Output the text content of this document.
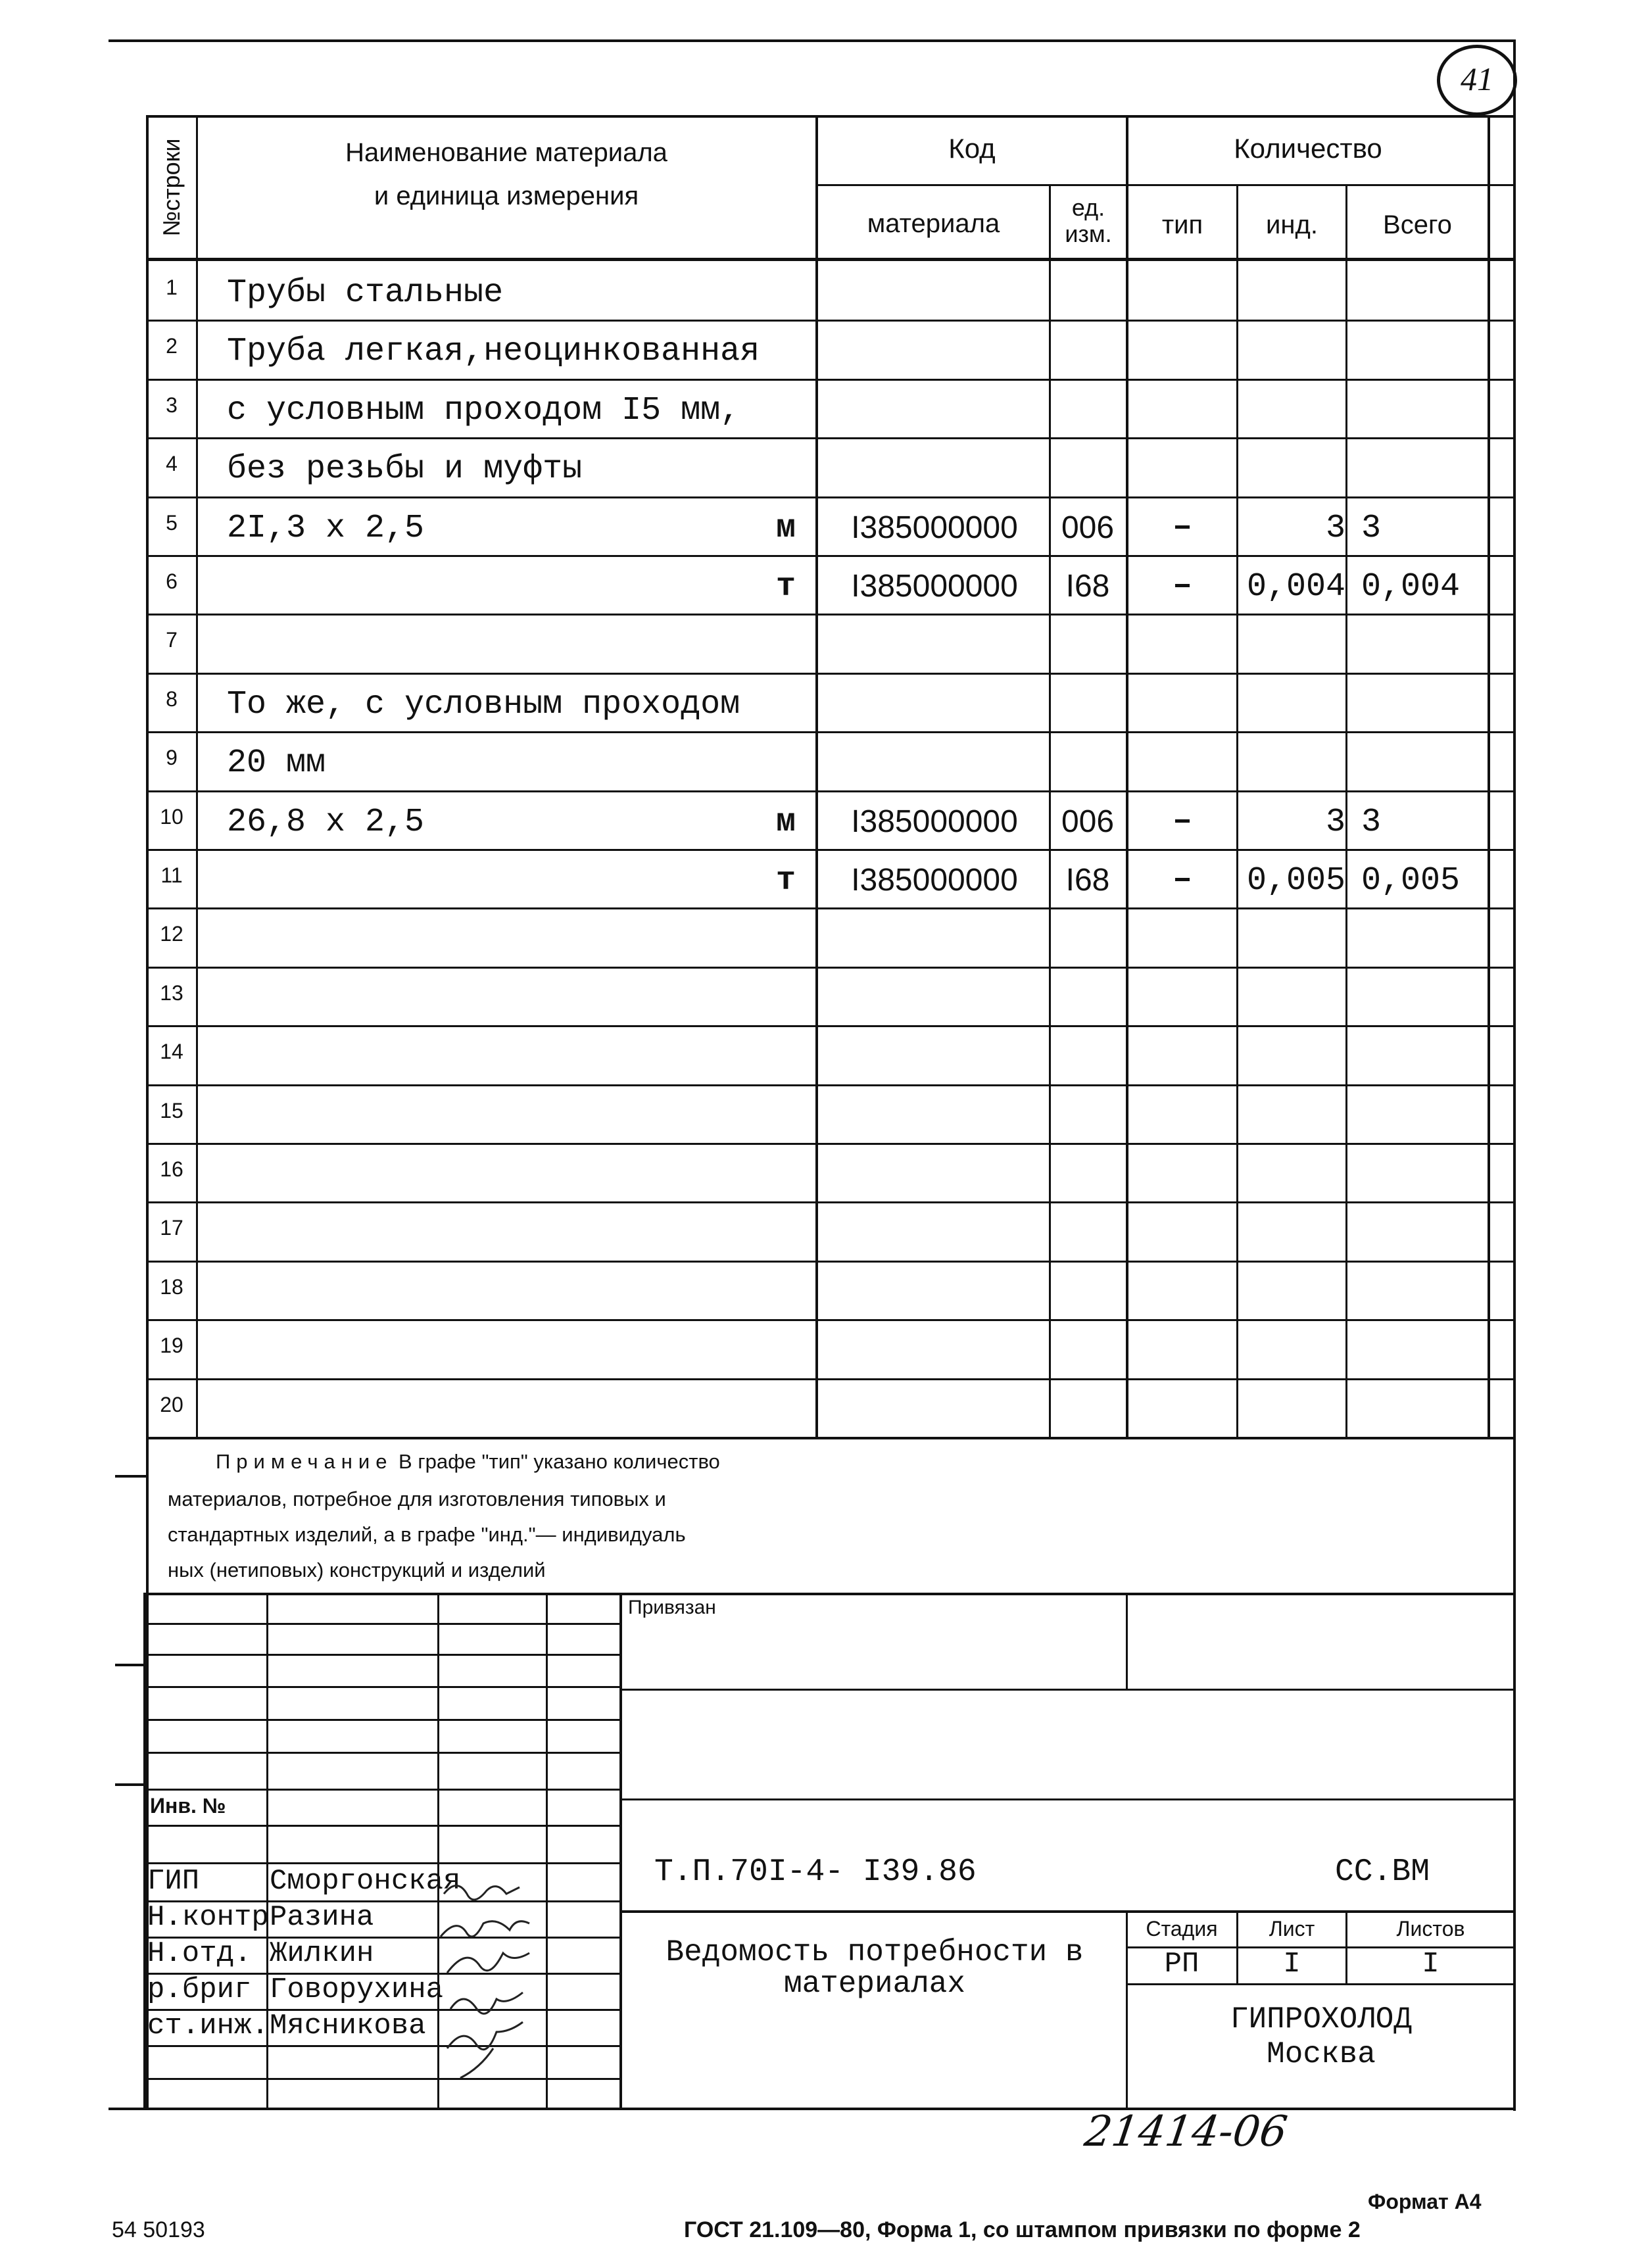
41
№строки	Наименование материала
и единица измерения
Код	Количество
материала
ед.
изм.	тип	инд.	Всего
1	Трубы стальные
2	Труба легкая,неоцинкованная
3	с условным проходом I5 мм,
4	без резьбы и муфты
5	2I,3 х 2,5	м	I385000000	006	–	3 3
6	т	I385000000	I68	–	0,004 0,004
7
8	То же, с условным проходом
9	20 мм
10	26,8 х 2,5	м	I385000000	006	–	3 3
11	т	I385000000	I68	–	0,005 0,005
12
13
14
15
16
17
18
19
20
Примечание В графе "тип" указано количество
материалов, потребное для изготовления типовых и
стандартных изделий, а в графе "инд."— индивидуаль
ных (нетиповых) конструкций и изделий
Привязан
Инв. №
Т.П.70I-4- I39.86	СС.ВМ
Ведомость потребности в
материалах
Стадия	Лист	Листов
РП	I	I
ГИПРОХОЛОД
Москва
ГИП Сморгонская
Н.контр Разина
Н.отд. Жилкин
р.бриг Говорухина
ст.инж. Мясникова
21414-06
Формат А4
54 50193	ГОСТ 21.109—80, Форма 1, со штампом привязки по форме 2
